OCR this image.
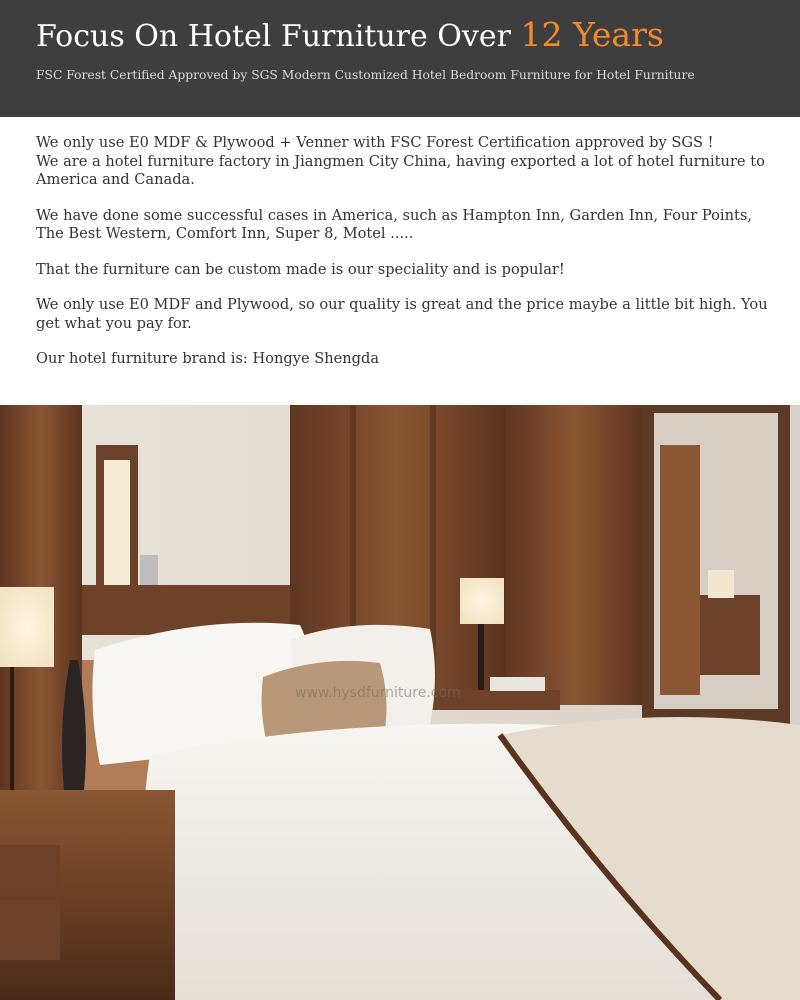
Focus On Hotel Furniture Over 12 Years
FSC Forest Certified Approved by SGS Modern Customized Hotel Bedroom Furniture for Hotel Furniture

We only use E0 MDF & Plywood + Venner with FSC Forest Certification approved by SGS !
We are a hotel furniture factory in Jiangmen City China, having exported a lot of hotel furniture to America and Canada.

We have done some successful cases in America, such as Hampton Inn, Garden Inn, Four Points, The Best Western, Comfort Inn, Super 8, Motel .....

That the furniture can be custom made is our speciality and is popular!

We only use E0 MDF and Plywood, so our quality is great and the price maybe a little bit high. You get what you pay for.

Our hotel furniture brand is: Hongye Shengda

www.hysdfurniture.com
